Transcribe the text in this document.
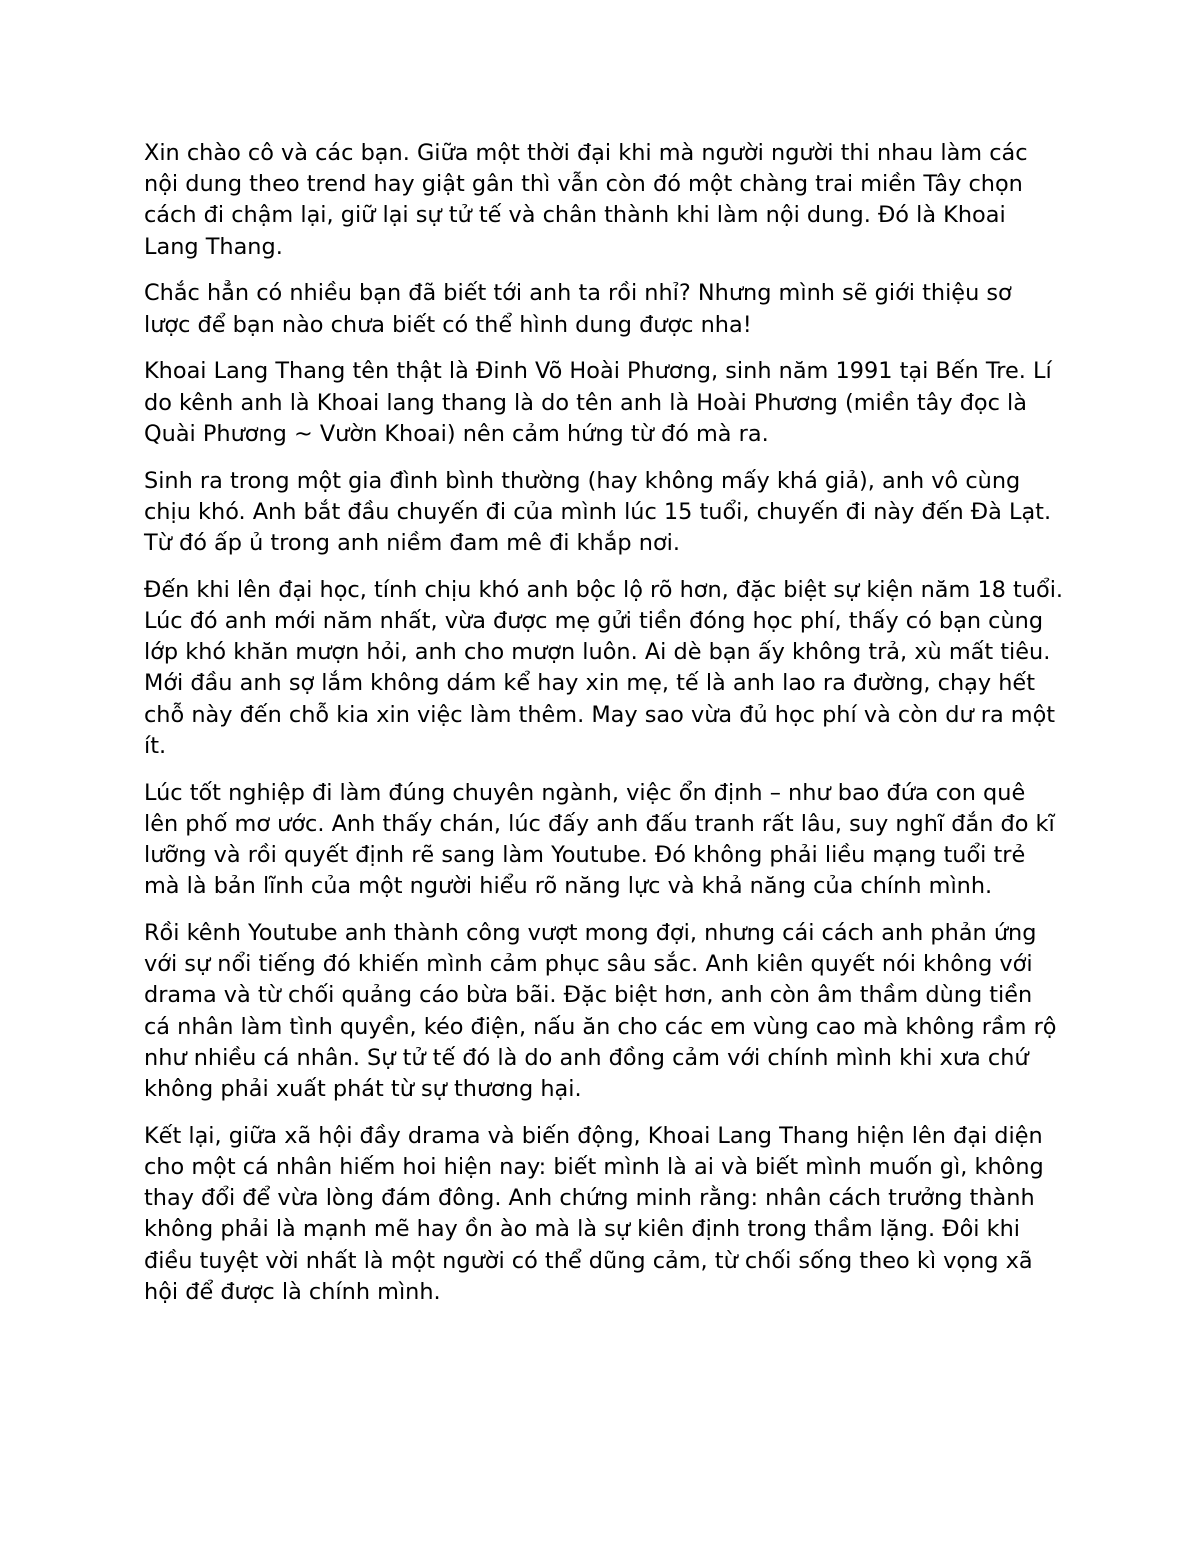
Xin chào cô và các bạn. Giữa một thời đại khi mà người người thi nhau làm các nội dung theo trend hay giật gân thì vẫn còn đó một chàng trai miền Tây chọn cách đi chậm lại, giữ lại sự tử tế và chân thành khi làm nội dung. Đó là Khoai Lang Thang.

Chắc hẳn có nhiều bạn đã biết tới anh ta rồi nhỉ? Nhưng mình sẽ giới thiệu sơ lược để bạn nào chưa biết có thể hình dung được nha!

Khoai Lang Thang tên thật là Đinh Võ Hoài Phương, sinh năm 1991 tại Bến Tre. Lí do kênh anh là Khoai lang thang là do tên anh là Hoài Phương (miền tây đọc là Quài Phương ~ Vườn Khoai) nên cảm hứng từ đó mà ra.

Sinh ra trong một gia đình bình thường (hay không mấy khá giả), anh vô cùng chịu khó. Anh bắt đầu chuyến đi của mình lúc 15 tuổi, chuyến đi này đến Đà Lạt. Từ đó ấp ủ trong anh niềm đam mê đi khắp nơi.

Đến khi lên đại học, tính chịu khó anh bộc lộ rõ hơn, đặc biệt sự kiện năm 18 tuổi. Lúc đó anh mới năm nhất, vừa được mẹ gửi tiền đóng học phí, thấy có bạn cùng lớp khó khăn mượn hỏi, anh cho mượn luôn. Ai dè bạn ấy không trả, xù mất tiêu. Mới đầu anh sợ lắm không dám kể hay xin mẹ, tế là anh lao ra đường, chạy hết chỗ này đến chỗ kia xin việc làm thêm. May sao vừa đủ học phí và còn dư ra một ít.

Lúc tốt nghiệp đi làm đúng chuyên ngành, việc ổn định – như bao đứa con quê lên phố mơ ước. Anh thấy chán, lúc đấy anh đấu tranh rất lâu, suy nghĩ đắn đo kĩ lưỡng và rồi quyết định rẽ sang làm Youtube. Đó không phải liều mạng tuổi trẻ mà là bản lĩnh của một người hiểu rõ năng lực và khả năng của chính mình.

Rồi kênh Youtube anh thành công vượt mong đợi, nhưng cái cách anh phản ứng với sự nổi tiếng đó khiến mình cảm phục sâu sắc. Anh kiên quyết nói không với drama và từ chối quảng cáo bừa bãi. Đặc biệt hơn, anh còn âm thầm dùng tiền cá nhân làm tình quyền, kéo điện, nấu ăn cho các em vùng cao mà không rầm rộ như nhiều cá nhân. Sự tử tế đó là do anh đồng cảm với chính mình khi xưa chứ không phải xuất phát từ sự thương hại.

Kết lại, giữa xã hội đầy drama và biến động, Khoai Lang Thang hiện lên đại diện cho một cá nhân hiếm hoi hiện nay: biết mình là ai và biết mình muốn gì, không thay đổi để vừa lòng đám đông. Anh chứng minh rằng: nhân cách trưởng thành không phải là mạnh mẽ hay ồn ào mà là sự kiên định trong thầm lặng. Đôi khi điều tuyệt vời nhất là một người có thể dũng cảm, từ chối sống theo kì vọng xã hội để được là chính mình.
